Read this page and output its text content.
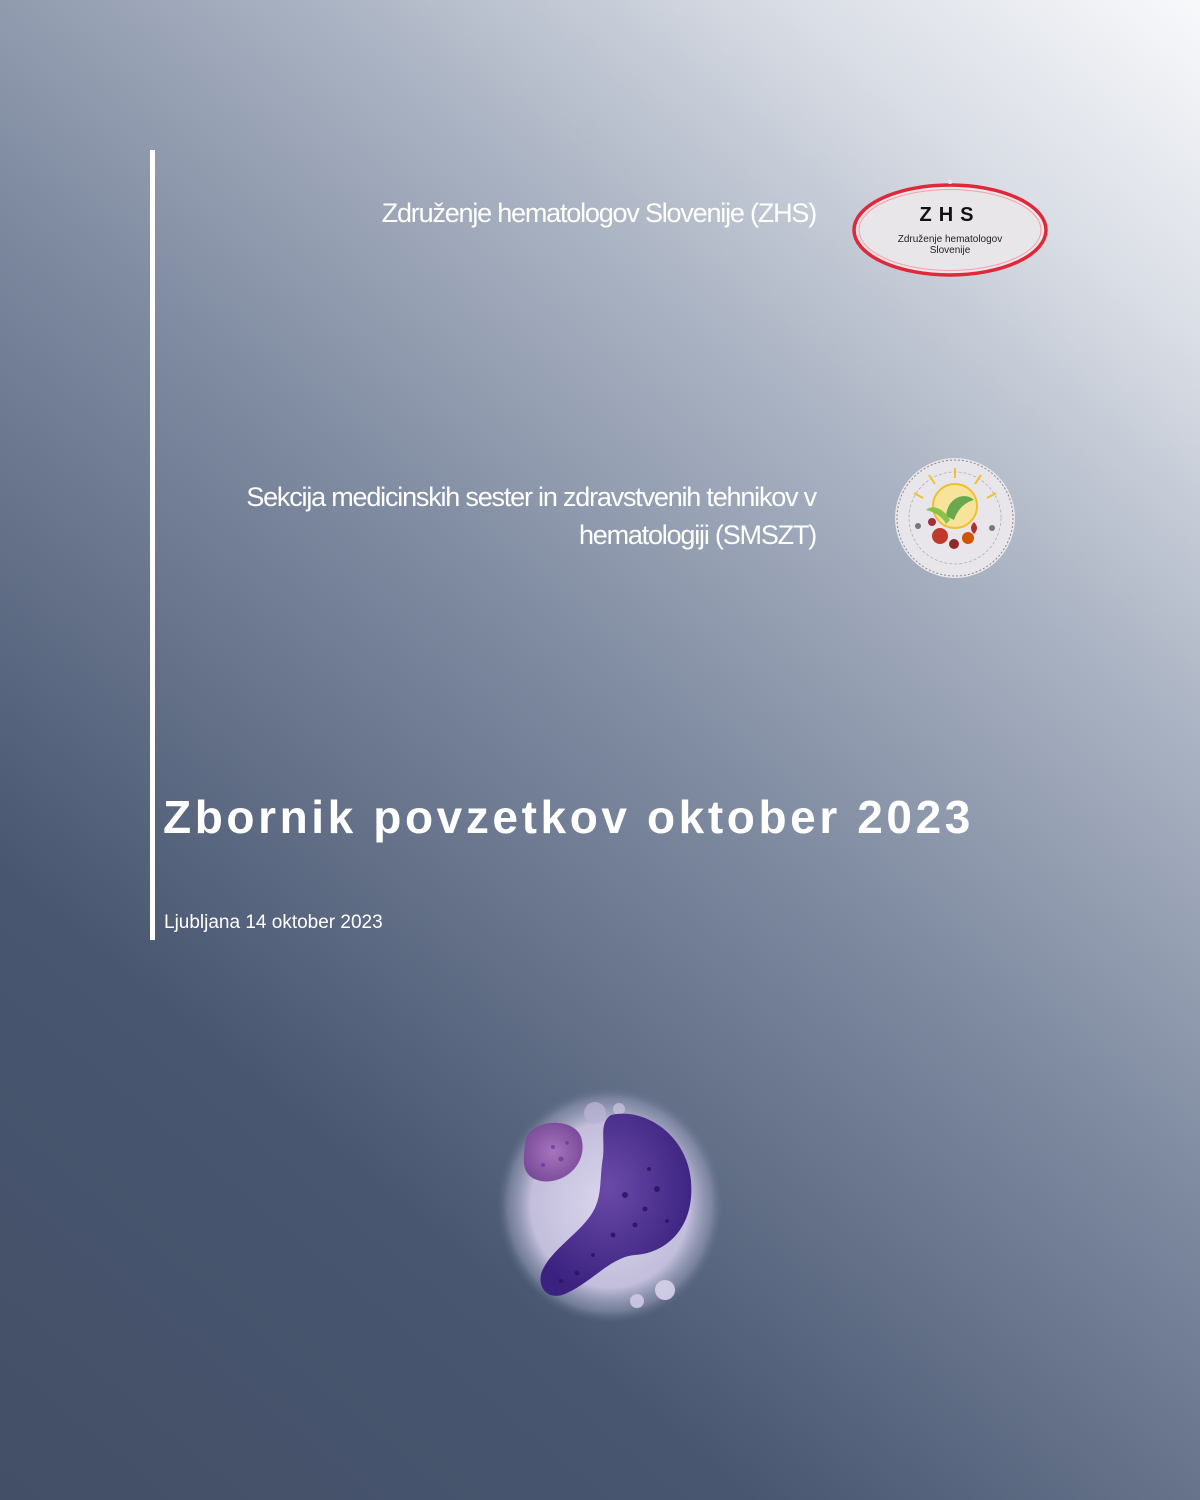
Združenje hematologov Slovenije (ZHS)	ZHS
Združenje hematologov
Slovenije
Sekcija medicinskih sester in zdravstvenih tehnikov v
hematologiji (SMSZT)
Zbornik povzetkov oktober 2023
Ljubljana 14 oktober 2023
